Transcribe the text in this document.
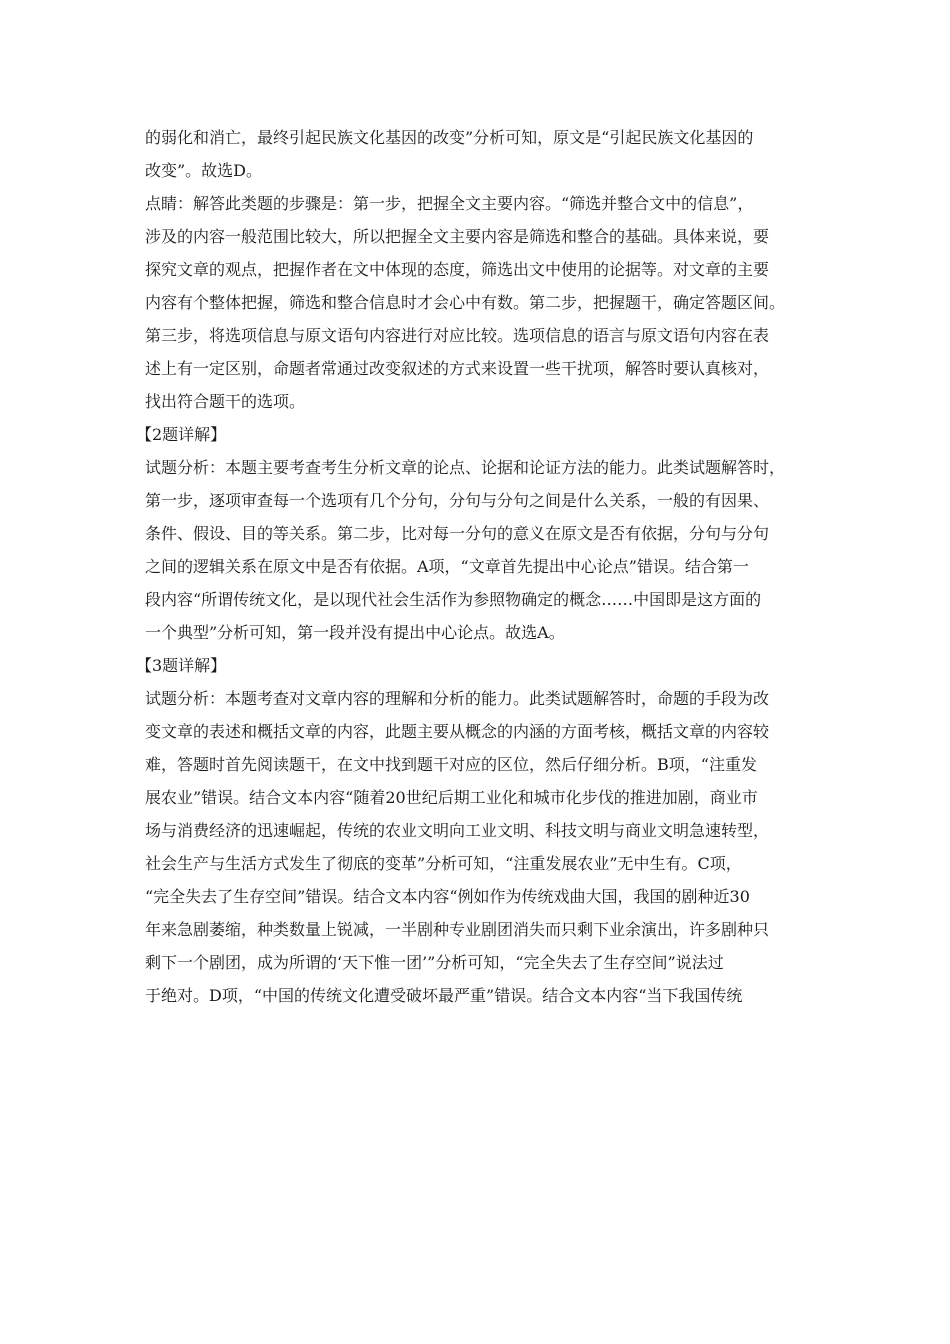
的弱化和消亡，最终引起民族文化基因的改变”分析可知，原文是“引起民族文化基因的
改变”。故选D。
点睛：解答此类题的步骤是：第一步，把握全文主要内容。“筛选并整合文中的信息”，
涉及的内容一般范围比较大，所以把握全文主要内容是筛选和整合的基础。具体来说，要
探究文章的观点，把握作者在文中体现的态度，筛选出文中使用的论据等。对文章的主要
内容有个整体把握，筛选和整合信息时才会心中有数。第二步，把握题干，确定答题区间。
第三步，将选项信息与原文语句内容进行对应比较。选项信息的语言与原文语句内容在表
述上有一定区别，命题者常通过改变叙述的方式来设置一些干扰项，解答时要认真核对，
找出符合题干的选项。
【2题详解】
试题分析：本题主要考查考生分析文章的论点、论据和论证方法的能力。此类试题解答时，
第一步，逐项审查每一个选项有几个分句，分句与分句之间是什么关系，一般的有因果、
条件、假设、目的等关系。第二步，比对每一分句的意义在原文是否有依据，分句与分句
之间的逻辑关系在原文中是否有依据。A项，“文章首先提出中心论点”错误。结合第一
段内容“所谓传统文化，是以现代社会生活作为参照物确定的概念……中国即是这方面的
一个典型”分析可知，第一段并没有提出中心论点。故选A。
【3题详解】
试题分析：本题考查对文章内容的理解和分析的能力。此类试题解答时，命题的手段为改
变文章的表述和概括文章的内容，此题主要从概念的内涵的方面考核，概括文章的内容较
难，答题时首先阅读题干，在文中找到题干对应的区位，然后仔细分析。B项，“注重发
展农业”错误。结合文本内容“随着20世纪后期工业化和城市化步伐的推进加剧，商业市
场与消费经济的迅速崛起，传统的农业文明向工业文明、科技文明与商业文明急速转型，
社会生产与生活方式发生了彻底的变革”分析可知，“注重发展农业”无中生有。C项，
“完全失去了生存空间”错误。结合文本内容“例如作为传统戏曲大国，我国的剧种近30
年来急剧萎缩，种类数量上锐减，一半剧种专业剧团消失而只剩下业余演出，许多剧种只
剩下一个剧团，成为所谓的‘天下惟一团’”分析可知，“完全失去了生存空间”说法过
于绝对。D项，“中国的传统文化遭受破坏最严重”错误。结合文本内容“当下我国传统
